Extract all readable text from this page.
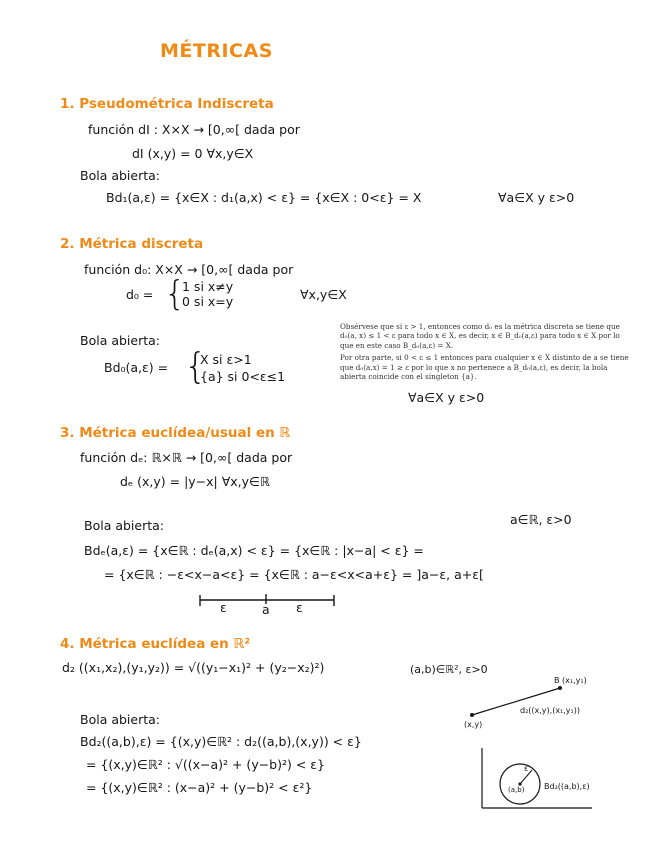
MÉTRICAS
1. Pseudométrica Indiscreta
función dI : X×X → [0,∞[ dada por
dI (x,y) = 0 ∀x,y∈X
Bola abierta:
Bd₁(a,ε) = {x∈X : d₁(a,x) < ε} = {x∈X : 0<ε} = X	∀a∈X y ε>0
2. Métrica discreta
función d₀: X×X → [0,∞[ dada por
d₀ = {
1 si x≠y
0 si x=y	∀x,y∈X
Bola abierta:
Bd₀(a,ε) = {
X si ε>1
{a} si 0<ε≤1

Obsérvese que si ε > 1, entonces como d₀ es la métrica discreta se tiene que d₀(a, x) ≤ 1 < ε para todo x ∈ X, es decir, x ∈ B_d₀(a,ε) para todo x ∈ X por lo que en este caso B_d₀(a,ε) = X.

Por otra parte, si 0 < ε ≤ 1 entonces para cualquier x ∈ X distinto de a se tiene que d₀(a,x) = 1 ≥ ε por lo que x no pertenece a B_d₀(a,ε), es decir, la bola abierta coincide con el singleton {a}.

∀a∈X y ε>0
3. Métrica euclídea/usual en ℝ
función dₑ: ℝ×ℝ → [0,∞[ dada por
dₑ (x,y) = |y−x| ∀x,y∈ℝ
a∈ℝ, ε>0
Bola abierta:
Bdₑ(a,ε) = {x∈ℝ : dₑ(a,x) < ε} = {x∈ℝ : |x−a| < ε} =
= {x∈ℝ : −ε<x−a<ε} = {x∈ℝ : a−ε<x<a+ε} = ]a−ε, a+ε[
ε	a ε
4. Métrica euclídea en ℝ²
d₂ ((x₁,x₂),(y₁,y₂)) = √((y₁−x₁)² + (y₂−x₂)²)	(a,b)∈ℝ², ε>0
Bola abierta:
Bd₂((a,b),ε) = {(x,y)∈ℝ² : d₂((a,b),(x,y)) < ε}
= {(x,y)∈ℝ² : √((x−a)² + (y−b)²) < ε}
= {(x,y)∈ℝ² : (x−a)² + (y−b)² < ε²}
B (x₁,y₁)
(x,y)
d₂((x,y),(x₁,y₁))
ε
(a,b) Bd₂((a,b),ε)
